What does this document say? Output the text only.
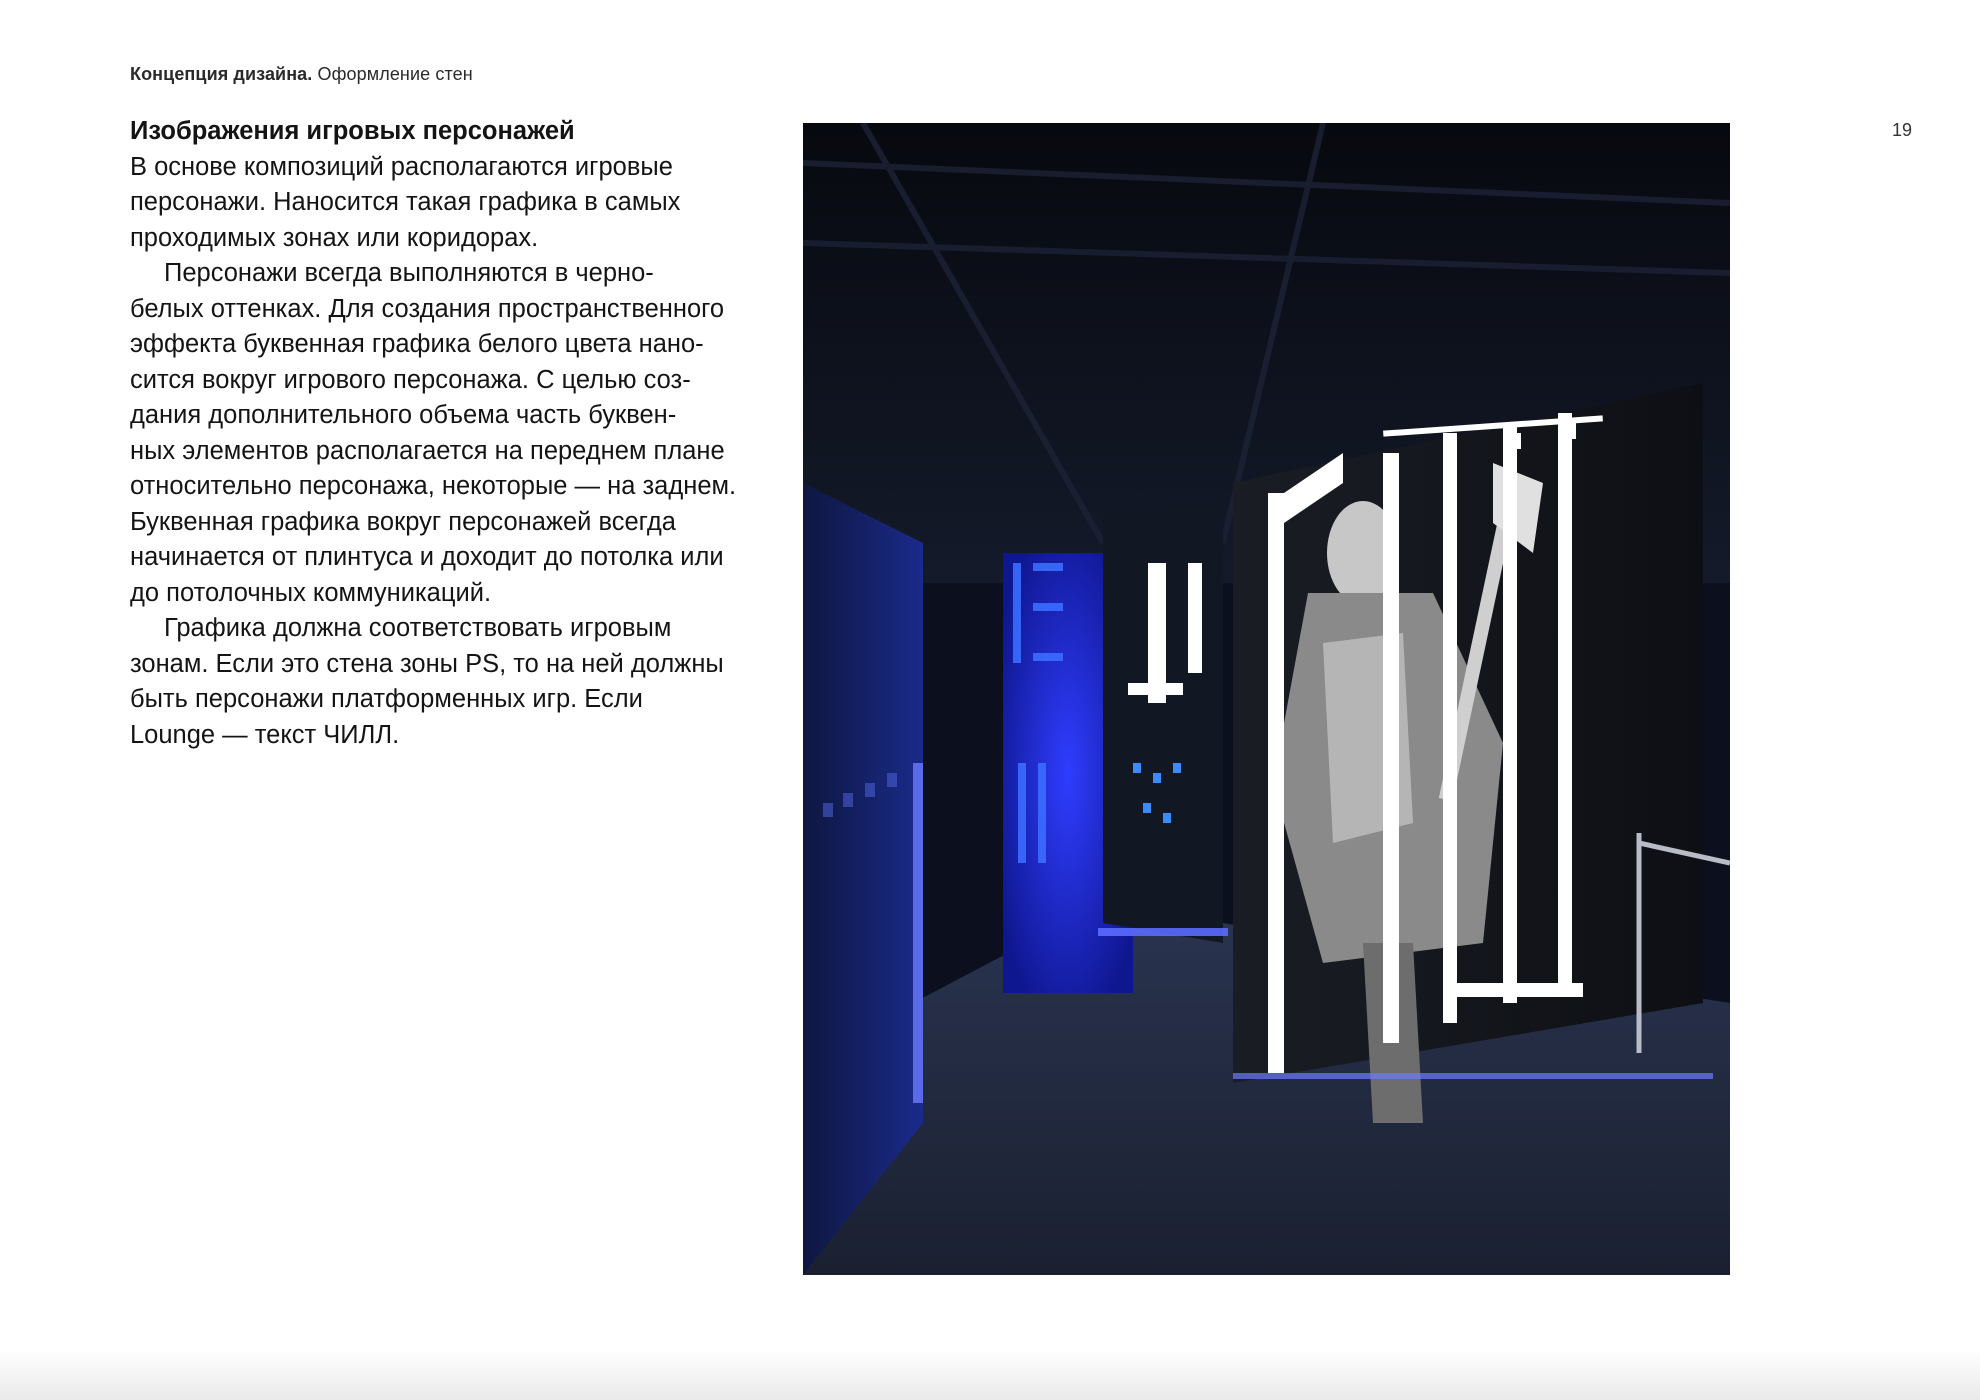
Концепция дизайна. Оформление стен
19
Изображения игровых персонажей
В основе композиций располагаются игровые
персонажи. Наносится такая графика в самых
проходимых зонах или коридорах.
Персонажи всегда выполняются в черно-
белых оттенках. Для создания пространственного
эффекта буквенная графика белого цвета нано-
сится вокруг игрового персонажа. С целью соз-
дания дополнительного объема часть буквен-
ных элементов располагается на переднем плане
относительно персонажа, некоторые — на заднем.
Буквенная графика вокруг персонажей всегда
начинается от плинтуса и доходит до потолка или
до потолочных коммуникаций.
Графика должна соответствовать игровым
зонам. Если это стена зоны PS, то на ней должны
быть персонажи платформенных игр. Если
Lounge — текст ЧИЛЛ.
ЧИЛЛ
